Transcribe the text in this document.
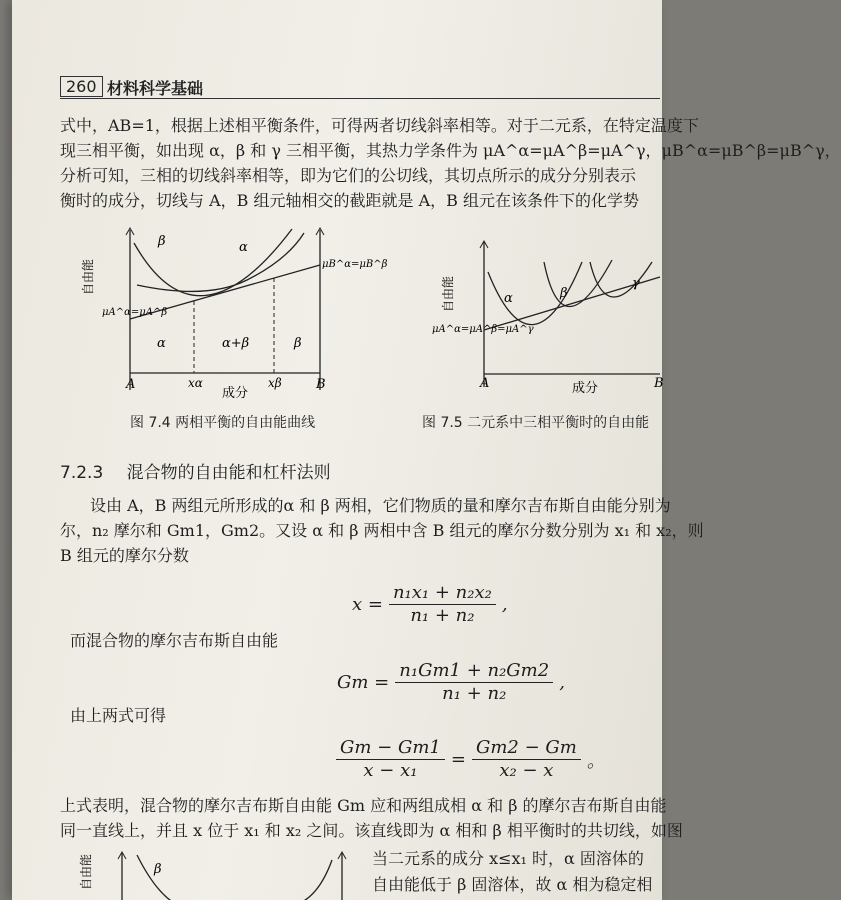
260 材料科学基础
式中，AB=1，根据上述相平衡条件，可得两者切线斜率相等。对于二元系，在特定温度下
现三相平衡，如出现 α，β 和 γ 三相平衡，其热力学条件为 μA^α=μA^β=μA^γ，μB^α=μB^β=μB^γ，
分析可知，三相的切线斜率相等，即为它们的公切线，其切点所示的成分分别表示
衡时的成分，切线与 A，B 组元轴相交的截距就是 A，B 组元在该条件下的化学势
自由能
β	α
μB^α=μB^β
μA^α=μA^β
α	α+β	β
A	xα
成分
xβ	B
图 7.4 两相平衡的自由能曲线
自由能	α	β
γ
μA^α=μA^β=μA^γ
A	成分	B
图 7.5 二元系中三相平衡时的自由能
7.2.3 混合物的自由能和杠杆法则
设由 A，B 两组元所形成的α 和 β 两相，它们物质的量和摩尔吉布斯自由能分别为
尔，n₂ 摩尔和 Gm1，Gm2。又设 α 和 β 两相中含 B 组元的摩尔分数分别为 x₁ 和 x₂，则
B 组元的摩尔分数
$x = \frac{\text{n₁x₁ + n₂x₂}}{\text{n₁ + n₂}}$ ,
而混合物的摩尔吉布斯自由能
$Gm = \frac{\text{n₁Gm1 + n₂Gm2}}{\text{n₁ + n₂}}$ ,
由上两式可得
$\frac{Gm - Gm1}{\text{x − x₁}} = \frac{Gm2 - Gm}{\text{x₂ − x}}$ 。
上式表明，混合物的摩尔吉布斯自由能 Gm 应和两组成相 α 和 β 的摩尔吉布斯自由能
同一直线上，并且 x 位于 x₁ 和 x₂ 之间。该直线即为 α 相和 β 相平衡时的共切线，如图
当二元系的成分 x≤x₁ 时，α 固溶体的
自由能低于 β 固溶体，故 α 相为稳定相
自由能	β
